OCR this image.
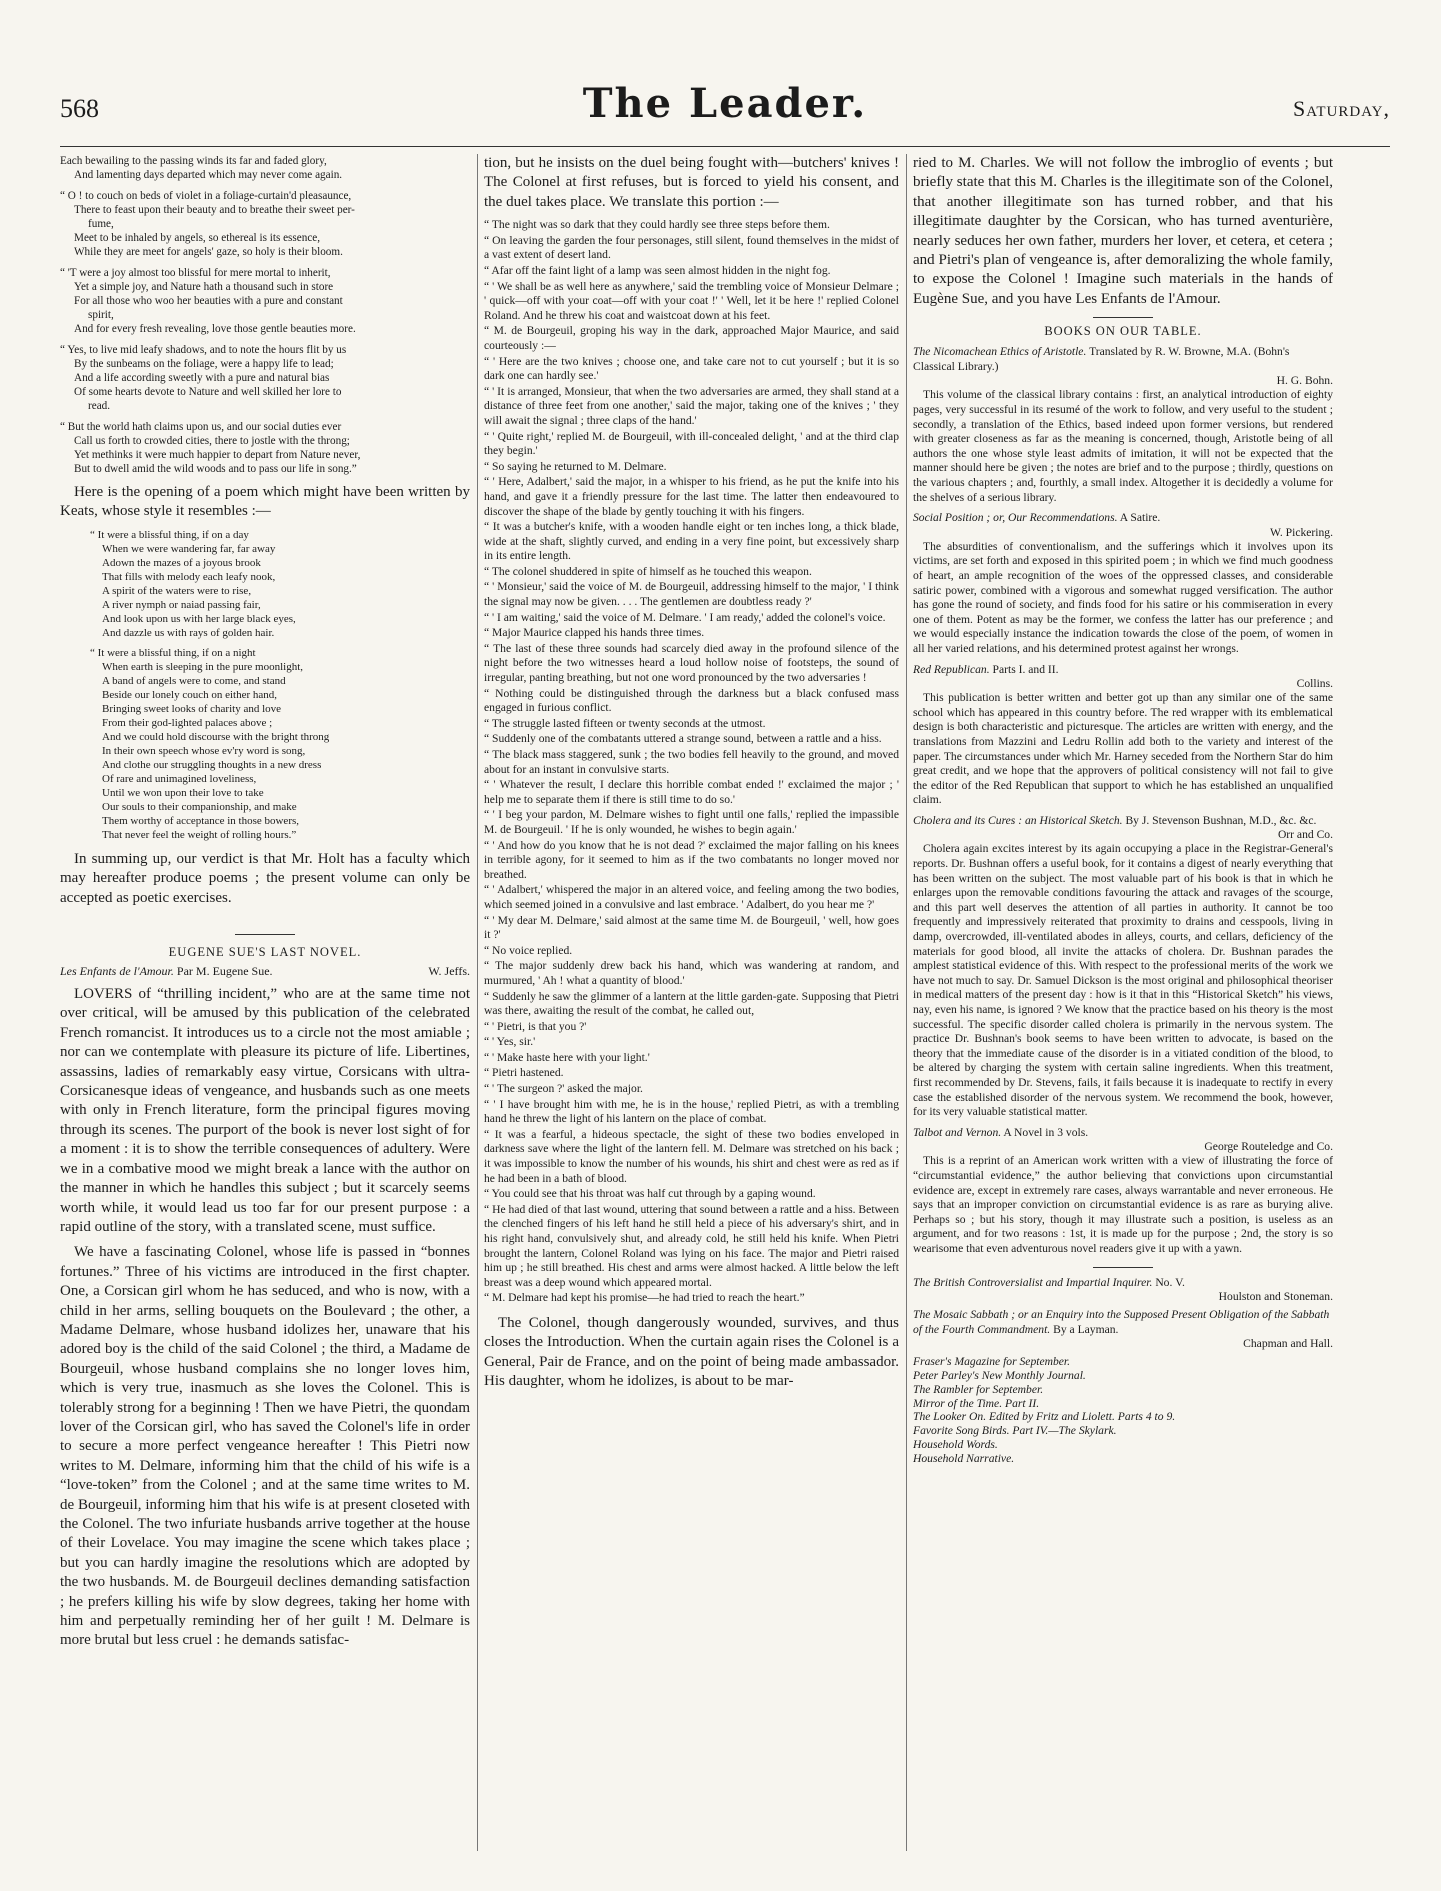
568	The Leader.	Saturday,
Each bewailing to the passing winds its far and faded glory,
And lamenting days departed which may never come again.
“ O ! to couch on beds of violet in a foliage-curtain'd pleasaunce,
There to feast upon their beauty and to breathe their sweet per-
fume,
Meet to be inhaled by angels, so ethereal is its essence,
While they are meet for angels' gaze, so holy is their bloom.
“ 'T were a joy almost too blissful for mere mortal to inherit,
Yet a simple joy, and Nature hath a thousand such in store
For all those who woo her beauties with a pure and constant
spirit,
And for every fresh revealing, love those gentle beauties more.
“ Yes, to live mid leafy shadows, and to note the hours flit by us
By the sunbeams on the foliage, were a happy life to lead;
And a life according sweetly with a pure and natural bias
Of some hearts devote to Nature and well skilled her lore to
read.
“ But the world hath claims upon us, and our social duties ever
Call us forth to crowded cities, there to jostle with the throng;
Yet methinks it were much happier to depart from Nature never,
But to dwell amid the wild woods and to pass our life in song.”

Here is the opening of a poem which might have been written by Keats, whose style it resembles :—

“ It were a blissful thing, if on a day
When we were wandering far, far away
Adown the mazes of a joyous brook
That fills with melody each leafy nook,
A spirit of the waters were to rise,
A river nymph or naiad passing fair,
And look upon us with her large black eyes,
And dazzle us with rays of golden hair.
“ It were a blissful thing, if on a night
When earth is sleeping in the pure moonlight,
A band of angels were to come, and stand
Beside our lonely couch on either hand,
Bringing sweet looks of charity and love
From their god-lighted palaces above ;
And we could hold discourse with the bright throng
In their own speech whose ev'ry word is song,
And clothe our struggling thoughts in a new dress
Of rare and unimagined loveliness,
Until we won upon their love to take
Our souls to their companionship, and make
Them worthy of acceptance in those bowers,
That never feel the weight of rolling hours.”

In summing up, our verdict is that Mr. Holt has a faculty which may hereafter produce poems ; the present volume can only be accepted as poetic exercises.

EUGENE SUE'S LAST NOVEL.
Les Enfants de l'Amour. Par M. Eugene Sue.	W. Jeffs.

LOVERS of “thrilling incident,” who are at the same time not over critical, will be amused by this publication of the celebrated French romancist. It introduces us to a circle not the most amiable ; nor can we contemplate with pleasure its picture of life. Libertines, assassins, ladies of remarkably easy virtue, Corsicans with ultra-Corsicanesque ideas of vengeance, and husbands such as one meets with only in French literature, form the principal figures moving through its scenes. The purport of the book is never lost sight of for a moment : it is to show the terrible consequences of adultery. Were we in a combative mood we might break a lance with the author on the manner in which he handles this subject ; but it scarcely seems worth while, it would lead us too far for our present purpose : a rapid outline of the story, with a translated scene, must suffice.

We have a fascinating Colonel, whose life is passed in “bonnes fortunes.” Three of his victims are introduced in the first chapter. One, a Corsican girl whom he has seduced, and who is now, with a child in her arms, selling bouquets on the Boulevard ; the other, a Madame Delmare, whose husband idolizes her, unaware that his adored boy is the child of the said Colonel ; the third, a Madame de Bourgeuil, whose husband complains she no longer loves him, which is very true, inasmuch as she loves the Colonel. This is tolerably strong for a beginning ! Then we have Pietri, the quondam lover of the Corsican girl, who has saved the Colonel's life in order to secure a more perfect vengeance hereafter ! This Pietri now writes to M. Delmare, informing him that the child of his wife is a “love-token” from the Colonel ; and at the same time writes to M. de Bourgeuil, informing him that his wife is at present closeted with the Colonel. The two infuriate husbands arrive together at the house of their Lovelace. You may imagine the scene which takes place ; but you can hardly imagine the resolutions which are adopted by the two husbands. M. de Bourgeuil declines demanding satisfaction ; he prefers killing his wife by slow degrees, taking her home with him and perpetually reminding her of her guilt ! M. Delmare is more brutal but less cruel : he demands satisfac-

tion, but he insists on the duel being fought with—butchers' knives ! The Colonel at first refuses, but is forced to yield his consent, and the duel takes place. We translate this portion :—

“ The night was so dark that they could hardly see three steps before them.

“ On leaving the garden the four personages, still silent, found themselves in the midst of a vast extent of desert land.

“ Afar off the faint light of a lamp was seen almost hidden in the night fog.

“ ' We shall be as well here as anywhere,' said the trembling voice of Monsieur Delmare ; ' quick—off with your coat—off with your coat !' ' Well, let it be here !' replied Colonel Roland. And he threw his coat and waistcoat down at his feet.

“ M. de Bourgeuil, groping his way in the dark, approached Major Maurice, and said courteously :—

“ ' Here are the two knives ; choose one, and take care not to cut yourself ; but it is so dark one can hardly see.'

“ ' It is arranged, Monsieur, that when the two adversaries are armed, they shall stand at a distance of three feet from one another,' said the major, taking one of the knives ; ' they will await the signal ; three claps of the hand.'

“ ' Quite right,' replied M. de Bourgeuil, with ill-concealed delight, ' and at the third clap they begin.'

“ So saying he returned to M. Delmare.

“ ' Here, Adalbert,' said the major, in a whisper to his friend, as he put the knife into his hand, and gave it a friendly pressure for the last time. The latter then endeavoured to discover the shape of the blade by gently touching it with his fingers.

“ It was a butcher's knife, with a wooden handle eight or ten inches long, a thick blade, wide at the shaft, slightly curved, and ending in a very fine point, but excessively sharp in its entire length.

“ The colonel shuddered in spite of himself as he touched this weapon.

“ ' Monsieur,' said the voice of M. de Bourgeuil, addressing himself to the major, ' I think the signal may now be given. . . . The gentlemen are doubtless ready ?'

“ ' I am waiting,' said the voice of M. Delmare. ' I am ready,' added the colonel's voice.

“ Major Maurice clapped his hands three times.

“ The last of these three sounds had scarcely died away in the profound silence of the night before the two witnesses heard a loud hollow noise of footsteps, the sound of irregular, panting breathing, but not one word pronounced by the two adversaries !

“ Nothing could be distinguished through the darkness but a black confused mass engaged in furious conflict.

“ The struggle lasted fifteen or twenty seconds at the utmost.

“ Suddenly one of the combatants uttered a strange sound, between a rattle and a hiss.

“ The black mass staggered, sunk ; the two bodies fell heavily to the ground, and moved about for an instant in convulsive starts.

“ ' Whatever the result, I declare this horrible combat ended !' exclaimed the major ; ' help me to separate them if there is still time to do so.'

“ ' I beg your pardon, M. Delmare wishes to fight until one falls,' replied the impassible M. de Bourgeuil. ' If he is only wounded, he wishes to begin again.'

“ ' And how do you know that he is not dead ?' exclaimed the major falling on his knees in terrible agony, for it seemed to him as if the two combatants no longer moved nor breathed.

“ ' Adalbert,' whispered the major in an altered voice, and feeling among the two bodies, which seemed joined in a convulsive and last embrace. ' Adalbert, do you hear me ?'

“ ' My dear M. Delmare,' said almost at the same time M. de Bourgeuil, ' well, how goes it ?'

“ No voice replied.

“ The major suddenly drew back his hand, which was wandering at random, and murmured, ' Ah ! what a quantity of blood.'

“ Suddenly he saw the glimmer of a lantern at the little garden-gate. Supposing that Pietri was there, awaiting the result of the combat, he called out,

“ ' Pietri, is that you ?'

“ ' Yes, sir.'

“ ' Make haste here with your light.'

“ Pietri hastened.

“ ' The surgeon ?' asked the major.

“ ' I have brought him with me, he is in the house,' replied Pietri, as with a trembling hand he threw the light of his lantern on the place of combat.

“ It was a fearful, a hideous spectacle, the sight of these two bodies enveloped in darkness save where the light of the lantern fell. M. Delmare was stretched on his back ; it was impossible to know the number of his wounds, his shirt and chest were as red as if he had been in a bath of blood.

“ You could see that his throat was half cut through by a gaping wound.

“ He had died of that last wound, uttering that sound between a rattle and a hiss. Between the clenched fingers of his left hand he still held a piece of his adversary's shirt, and in his right hand, convulsively shut, and already cold, he still held his knife. When Pietri brought the lantern, Colonel Roland was lying on his face. The major and Pietri raised him up ; he still breathed. His chest and arms were almost hacked. A little below the left breast was a deep wound which appeared mortal.

“ M. Delmare had kept his promise—he had tried to reach the heart.”

The Colonel, though dangerously wounded, survives, and thus closes the Introduction. When the curtain again rises the Colonel is a General, Pair de France, and on the point of being made ambassador. His daughter, whom he idolizes, is about to be mar-

ried to M. Charles. We will not follow the imbroglio of events ; but briefly state that this M. Charles is the illegitimate son of the Colonel, that another illegitimate son has turned robber, and that his illegitimate daughter by the Corsican, who has turned aventurière, nearly seduces her own father, murders her lover, et cetera, et cetera ; and Pietri's plan of vengeance is, after demoralizing the whole family, to expose the Colonel ! Imagine such materials in the hands of Eugène Sue, and you have Les Enfants de l'Amour.

BOOKS ON OUR TABLE.
The Nicomachean Ethics of Aristotle. Translated by R. W. Browne, M.A. (Bohn's Classical Library.)
H. G. Bohn.

This volume of the classical library contains : first, an analytical introduction of eighty pages, very successful in its resumé of the work to follow, and very useful to the student ; secondly, a translation of the Ethics, based indeed upon former versions, but rendered with greater closeness as far as the meaning is concerned, though, Aristotle being of all authors the one whose style least admits of imitation, it will not be expected that the manner should here be given ; the notes are brief and to the purpose ; thirdly, questions on the various chapters ; and, fourthly, a small index. Altogether it is decidedly a volume for the shelves of a serious library.

Social Position ; or, Our Recommendations. A Satire.
W. Pickering.

The absurdities of conventionalism, and the sufferings which it involves upon its victims, are set forth and exposed in this spirited poem ; in which we find much goodness of heart, an ample recognition of the woes of the oppressed classes, and considerable satiric power, combined with a vigorous and somewhat rugged versification. The author has gone the round of society, and finds food for his satire or his commiseration in every one of them. Potent as may be the former, we confess the latter has our preference ; and we would especially instance the indication towards the close of the poem, of women in all her varied relations, and his determined protest against her wrongs.

Red Republican. Parts I. and II.
Collins.

This publication is better written and better got up than any similar one of the same school which has appeared in this country before. The red wrapper with its emblematical design is both characteristic and picturesque. The articles are written with energy, and the translations from Mazzini and Ledru Rollin add both to the variety and interest of the paper. The circumstances under which Mr. Harney seceded from the Northern Star do him great credit, and we hope that the approvers of political consistency will not fail to give the editor of the Red Republican that support to which he has established an unqualified claim.

Cholera and its Cures : an Historical Sketch. By J. Stevenson Bushnan, M.D., &c. &c.
Orr and Co.

Cholera again excites interest by its again occupying a place in the Registrar-General's reports. Dr. Bushnan offers a useful book, for it contains a digest of nearly everything that has been written on the subject. The most valuable part of his book is that in which he enlarges upon the removable conditions favouring the attack and ravages of the scourge, and this part well deserves the attention of all parties in authority. It cannot be too frequently and impressively reiterated that proximity to drains and cesspools, living in damp, overcrowded, ill-ventilated abodes in alleys, courts, and cellars, deficiency of the materials for good blood, all invite the attacks of cholera. Dr. Bushnan parades the amplest statistical evidence of this. With respect to the professional merits of the work we have not much to say. Dr. Samuel Dickson is the most original and philosophical theoriser in medical matters of the present day : how is it that in this “Historical Sketch” his views, nay, even his name, is ignored ? We know that the practice based on his theory is the most successful. The specific disorder called cholera is primarily in the nervous system. The practice Dr. Bushnan's book seems to have been written to advocate, is based on the theory that the immediate cause of the disorder is in a vitiated condition of the blood, to be altered by charging the system with certain saline ingredients. When this treatment, first recommended by Dr. Stevens, fails, it fails because it is inadequate to rectify in every case the established disorder of the nervous system. We recommend the book, however, for its very valuable statistical matter.

Talbot and Vernon. A Novel in 3 vols.
George Routeledge and Co.

This is a reprint of an American work written with a view of illustrating the force of “circumstantial evidence,” the author believing that convictions upon circumstantial evidence are, except in extremely rare cases, always warrantable and never erroneous. He says that an improper conviction on circumstantial evidence is as rare as burying alive. Perhaps so ; but his story, though it may illustrate such a position, is useless as an argument, and for two reasons : 1st, it is made up for the purpose ; 2nd, the story is so wearisome that even adventurous novel readers give it up with a yawn.

The British Controversialist and Impartial Inquirer. No. V.
Houlston and Stoneman.
The Mosaic Sabbath ; or an Enquiry into the Supposed Present Obligation of the Sabbath of the Fourth Commandment. By a Layman.
Chapman and Hall.
Fraser's Magazine for September.
Peter Parley's New Monthly Journal.
The Rambler for September.
Mirror of the Time. Part II.
The Looker On. Edited by Fritz and Liolett. Parts 4 to 9.
Favorite Song Birds. Part IV.—The Skylark.
Household Words.
Household Narrative.
